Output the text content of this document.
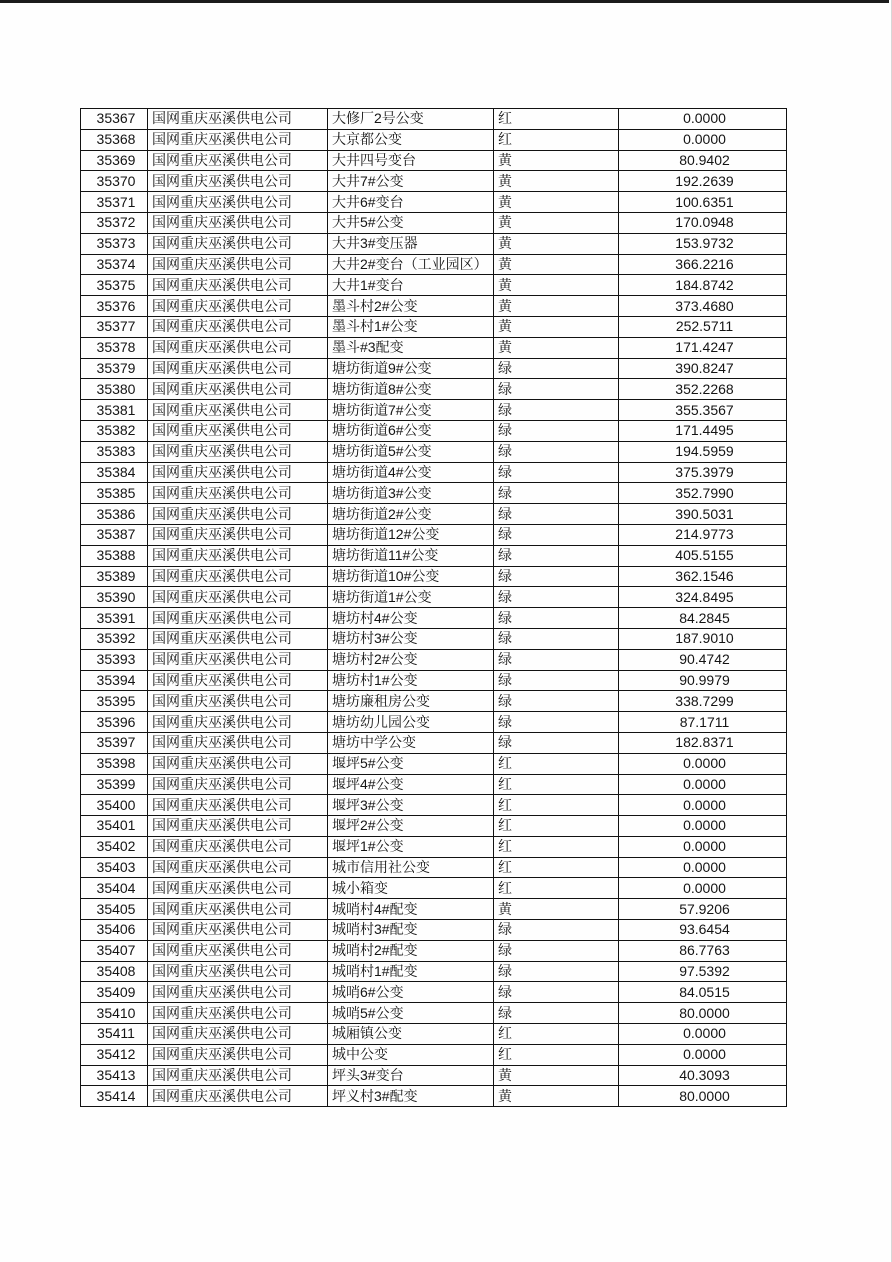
35367	国网重庆巫溪供电公司	大修厂2号公变	红	0.0000
35368	国网重庆巫溪供电公司	大京都公变	红	0.0000
35369	国网重庆巫溪供电公司	大井四号变台	黄	80.9402
35370	国网重庆巫溪供电公司	大井7#公变	黄	192.2639
35371	国网重庆巫溪供电公司	大井6#变台	黄	100.6351
35372	国网重庆巫溪供电公司	大井5#公变	黄	170.0948
35373	国网重庆巫溪供电公司	大井3#变压器	黄	153.9732
35374	国网重庆巫溪供电公司	大井2#变台（工业园区）	黄	366.2216
35375	国网重庆巫溪供电公司	大井1#变台	黄	184.8742
35376	国网重庆巫溪供电公司	墨斗村2#公变	黄	373.4680
35377	国网重庆巫溪供电公司	墨斗村1#公变	黄	252.5711
35378	国网重庆巫溪供电公司	墨斗#3配变	黄	171.4247
35379	国网重庆巫溪供电公司	塘坊街道9#公变	绿	390.8247
35380	国网重庆巫溪供电公司	塘坊街道8#公变	绿	352.2268
35381	国网重庆巫溪供电公司	塘坊街道7#公变	绿	355.3567
35382	国网重庆巫溪供电公司	塘坊街道6#公变	绿	171.4495
35383	国网重庆巫溪供电公司	塘坊街道5#公变	绿	194.5959
35384	国网重庆巫溪供电公司	塘坊街道4#公变	绿	375.3979
35385	国网重庆巫溪供电公司	塘坊街道3#公变	绿	352.7990
35386	国网重庆巫溪供电公司	塘坊街道2#公变	绿	390.5031
35387	国网重庆巫溪供电公司	塘坊街道12#公变	绿	214.9773
35388	国网重庆巫溪供电公司	塘坊街道11#公变	绿	405.5155
35389	国网重庆巫溪供电公司	塘坊街道10#公变	绿	362.1546
35390	国网重庆巫溪供电公司	塘坊街道1#公变	绿	324.8495
35391	国网重庆巫溪供电公司	塘坊村4#公变	绿	84.2845
35392	国网重庆巫溪供电公司	塘坊村3#公变	绿	187.9010
35393	国网重庆巫溪供电公司	塘坊村2#公变	绿	90.4742
35394	国网重庆巫溪供电公司	塘坊村1#公变	绿	90.9979
35395	国网重庆巫溪供电公司	塘坊廉租房公变	绿	338.7299
35396	国网重庆巫溪供电公司	塘坊幼儿园公变	绿	87.1711
35397	国网重庆巫溪供电公司	塘坊中学公变	绿	182.8371
35398	国网重庆巫溪供电公司	堰坪5#公变	红	0.0000
35399	国网重庆巫溪供电公司	堰坪4#公变	红	0.0000
35400	国网重庆巫溪供电公司	堰坪3#公变	红	0.0000
35401	国网重庆巫溪供电公司	堰坪2#公变	红	0.0000
35402	国网重庆巫溪供电公司	堰坪1#公变	红	0.0000
35403	国网重庆巫溪供电公司	城市信用社公变	红	0.0000
35404	国网重庆巫溪供电公司	城小箱变	红	0.0000
35405	国网重庆巫溪供电公司	城哨村4#配变	黄	57.9206
35406	国网重庆巫溪供电公司	城哨村3#配变	绿	93.6454
35407	国网重庆巫溪供电公司	城哨村2#配变	绿	86.7763
35408	国网重庆巫溪供电公司	城哨村1#配变	绿	97.5392
35409	国网重庆巫溪供电公司	城哨6#公变	绿	84.0515
35410	国网重庆巫溪供电公司	城哨5#公变	绿	80.0000
35411	国网重庆巫溪供电公司	城厢镇公变	红	0.0000
35412	国网重庆巫溪供电公司	城中公变	红	0.0000
35413	国网重庆巫溪供电公司	坪头3#变台	黄	40.3093
35414	国网重庆巫溪供电公司	坪义村3#配变	黄	80.0000
